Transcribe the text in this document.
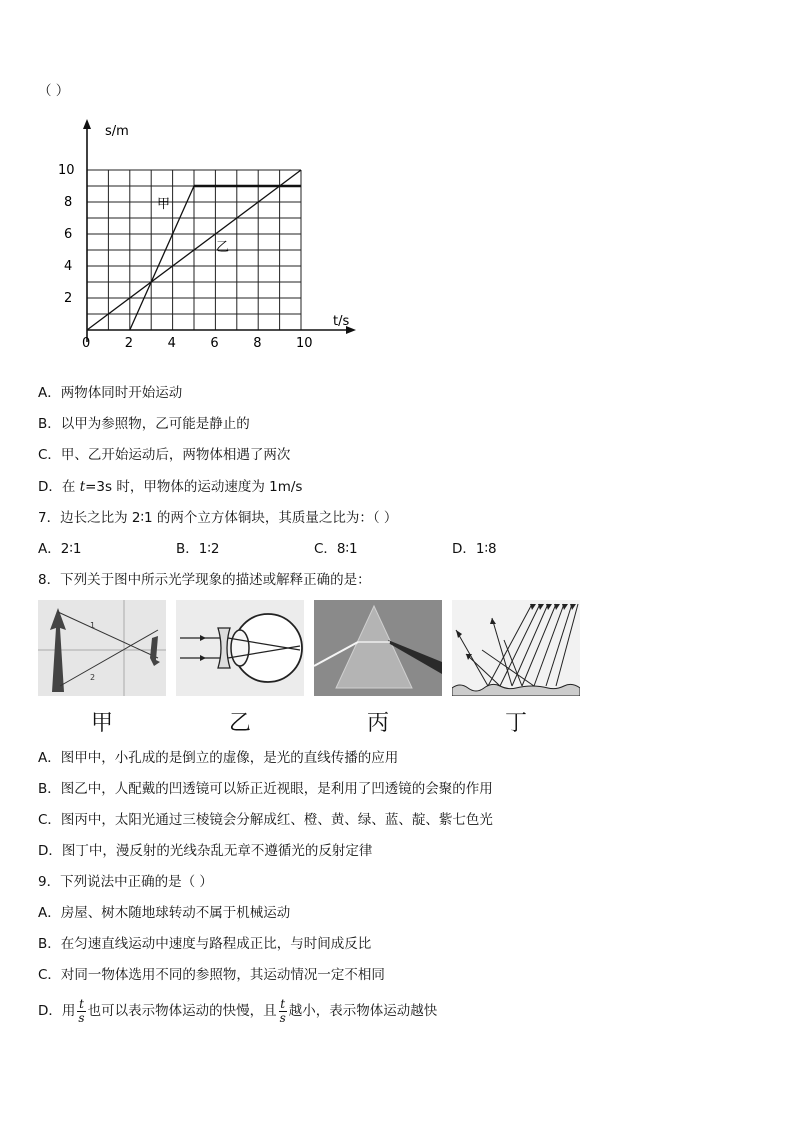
（ ）
s/m
t/s
0	2	4	6	8	10
2
4
6
8
10
甲
乙
A．两物体同时开始运动
B．以甲为参照物，乙可能是静止的
C．甲、乙开始运动后，两物体相遇了两次
D．在 t=3s 时，甲物体的运动速度为 1m/s
7．边长之比为 2∶1 的两个立方体铜块，其质量之比为：（ ）
A．2∶1	B．1∶2	C．8∶1	D．1∶8
8．下列关于图中所示光学现象的描述或解释正确的是：
1
2
甲	乙	丙	丁
A．图甲中，小孔成的是倒立的虚像，是光的直线传播的应用
B．图乙中，人配戴的凹透镜可以矫正近视眼，是利用了凹透镜的会聚的作用
C．图丙中，太阳光通过三棱镜会分解成红、橙、黄、绿、蓝、靛、紫七色光
D．图丁中，漫反射的光线杂乱无章不遵循光的反射定律
9．下列说法中正确的是（ ）
A．房屋、树木随地球转动不属于机械运动
B．在匀速直线运动中速度与路程成正比，与时间成反比
C．对同一物体选用不同的参照物，其运动情况一定不相同
D．用 $\frac{t}{s}$ 也可以表示物体运动的快慢，且 $\frac{t}{s}$ 越小，表示物体运动越快
